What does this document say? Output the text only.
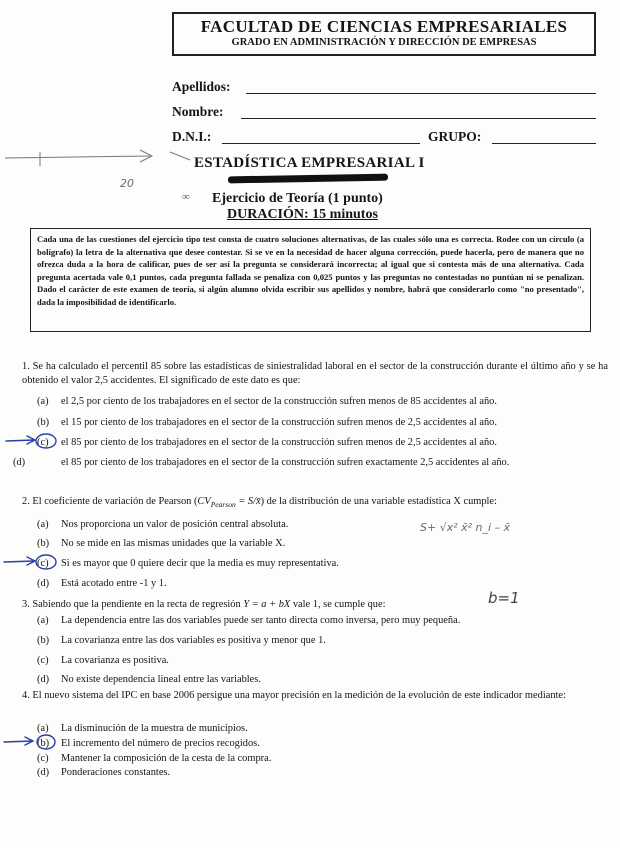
FACULTAD DE CIENCIAS EMPRESARIALES
GRADO EN ADMINISTRACIÓN Y DIRECCIÓN DE EMPRESAS
Apellidos:
Nombre:
D.N.I.:	GRUPO:
20
ESTADÍSTICA EMPRESARIAL I
∞ Ejercicio de Teoría (1 punto)
DURACIÓN: 15 minutos
Cada una de las cuestiones del ejercicio tipo test consta de cuatro soluciones alternativas, de las cuales sólo una es correcta. Rodee con un círculo (a bolígrafo) la letra de la alternativa que desee contestar. Si se ve en la necesidad de hacer alguna corrección, puede hacerla, pero de manera que no ofrezca duda a la hora de calificar, pues de ser así la pregunta se considerará incorrecta; al igual que si contesta más de una alternativa. Cada pregunta acertada vale 0,1 puntos, cada pregunta fallada se penaliza con 0,025 puntos y las preguntas no contestadas no puntúan ni se penalizan. Dado el carácter de este examen de teoría, si algún alumno olvida escribir sus apellidos y nombre, habrá que considerarlo como "no presentado", dada la imposibilidad de identificarlo.
1. Se ha calculado el percentil 85 sobre las estadísticas de siniestralidad laboral en el sector de la construcción durante el último año y se ha obtenido el valor 2,5 accidentes. El significado de este dato es que:
(a) el 2,5 por ciento de los trabajadores en el sector de la construcción sufren menos de 85 accidentes al año.
(b) el 15 por ciento de los trabajadores en el sector de la construcción sufren menos de 2,5 accidentes al año.
(c) el 85 por ciento de los trabajadores en el sector de la construcción sufren menos de 2,5 accidentes al año.
(d)	el 85 por ciento de los trabajadores en el sector de la construcción sufren exactamente 2,5 accidentes al año.
2. El coeficiente de variación de Pearson ($CV_{Pearson}$ = S/x̄) de la distribución de una variable estadística X cumple:
(a) Nos proporciona un valor de posición central absoluta.
(b) No se mide en las mismas unidades que la variable X.
(c) Si es mayor que 0 quiere decir que la media es muy representativa.
(d) Está acotado entre -1 y 1.
S+ √x² x̄² n_i – x̄
3. Sabiendo que la pendiente en la recta de regresión Y = a + bX vale 1, se cumple que:	b=1
(a) La dependencia entre las dos variables puede ser tanto directa como inversa, pero muy pequeña.
(b) La covarianza entre las dos variables es positiva y menor que 1.
(c) La covarianza es positiva.
(d) No existe dependencia lineal entre las variables.
4. El nuevo sistema del IPC en base 2006 persigue una mayor precisión en la medición de la evolución de este indicador mediante:
(a) La disminución de la muestra de municipios.
(b) El incremento del número de precios recogidos.
(c) Mantener la composición de la cesta de la compra.
(d) Ponderaciones constantes.
